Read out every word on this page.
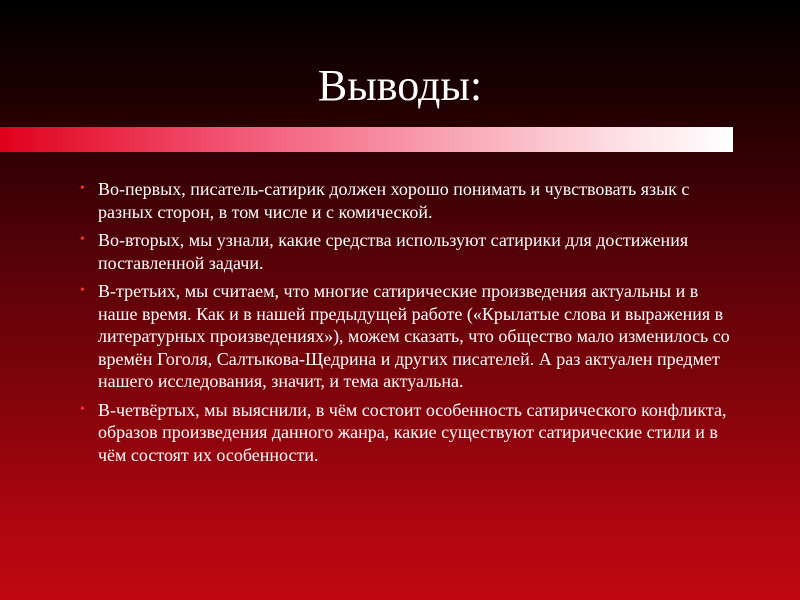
Выводы:
• Во-первых, писатель-сатирик должен хорошо понимать и чувствовать язык с разных сторон, в том числе и с комической.
• Во-вторых, мы узнали, какие средства используют сатирики для достижения поставленной задачи.
• В-третьих, мы считаем, что многие сатирические произведения актуальны и в наше время. Как и в нашей предыдущей работе («Крылатые слова и выражения в литературных произведениях»), можем сказать, что общество мало изменилось со времён Гоголя, Салтыкова-Щедрина и других писателей. А раз актуален предмет нашего исследования, значит, и тема актуальна.
• В-четвёртых, мы выяснили, в чём состоит особенность сатирического конфликта, образов произведения данного жанра, какие существуют сатирические стили и в чём состоят их особенности.
